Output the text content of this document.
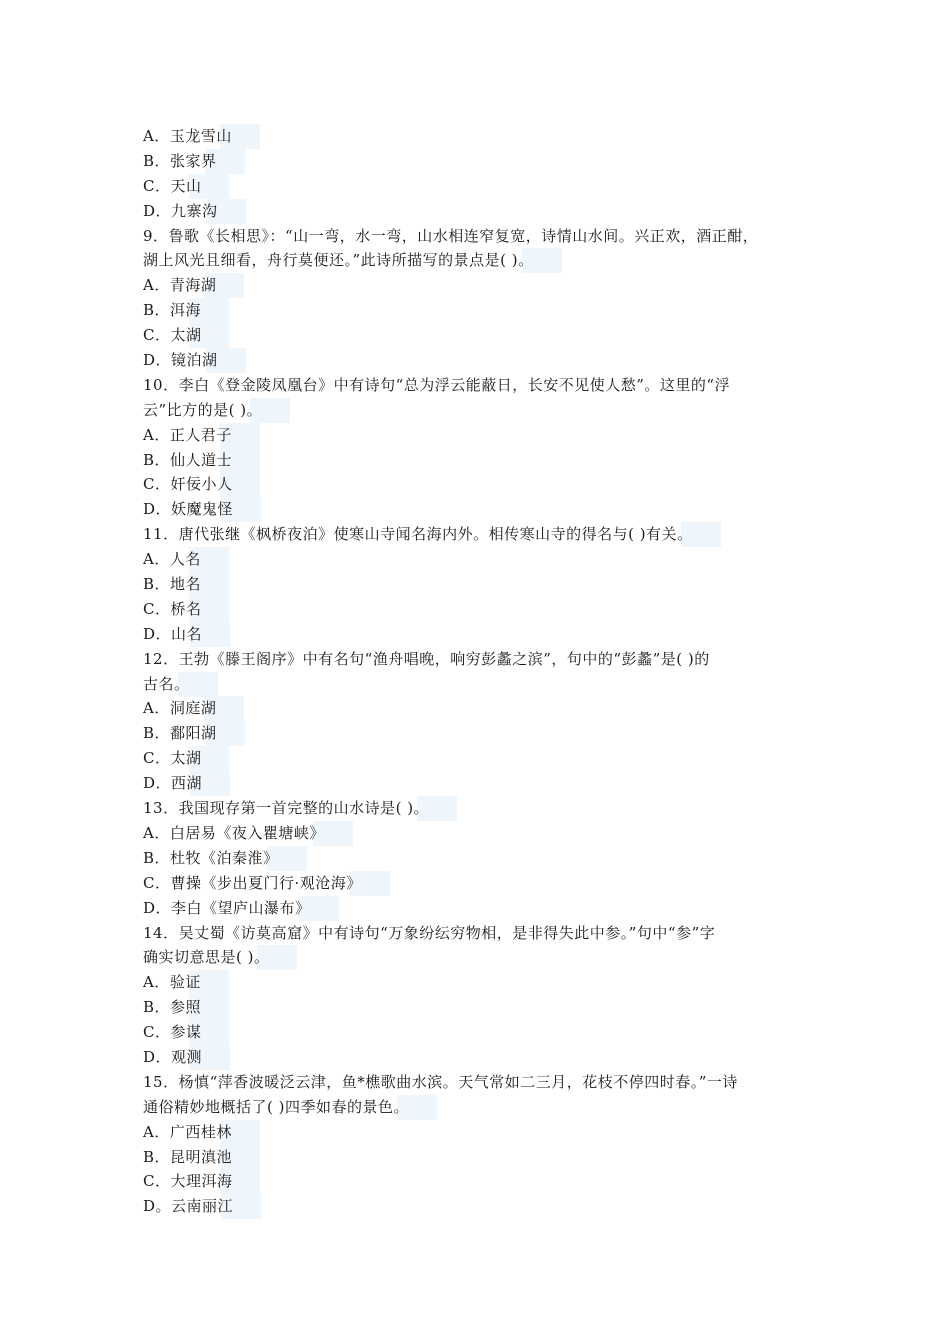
A．玉龙雪山
B．张家界
C．天山
D．九寨沟
9．鲁歌《长相思》：“山一弯，水一弯，山水相连窄复宽，诗情山水间。兴正欢，酒正酣，
湖上风光且细看，舟行莫便还。”此诗所描写的景点是( )。
A．青海湖
B．洱海
C．太湖
D．镜泊湖
10．李白《登金陵凤凰台》中有诗句“总为浮云能蔽日，长安不见使人愁”。这里的“浮
云”比方的是( )。
A．正人君子
B．仙人道士
C．奸佞小人
D．妖魔鬼怪
11．唐代张继《枫桥夜泊》使寒山寺闻名海内外。相传寒山寺的得名与( )有关。
A．人名
B．地名
C．桥名
D．山名
12．王勃《滕王阁序》中有名句“渔舟唱晚，响穷彭蠡之滨”，句中的“彭蠡”是( )的
古名。
A．洞庭湖
B．鄱阳湖
C．太湖
D．西湖
13．我国现存第一首完整的山水诗是( )。
A．白居易《夜入瞿塘峡》
B．杜牧《泊秦淮》
C．曹操《步出夏门行·观沧海》
D．李白《望庐山瀑布》
14．吴丈蜀《访莫高窟》中有诗句“万象纷纭穷物相，是非得失此中参。”句中“参”字
确实切意思是( )。
A．验证
B．参照
C．参谋
D．观测
15．杨慎“萍香波暖泛云津，鱼*樵歌曲水滨。天气常如二三月，花枝不停四时春。”一诗
通俗精妙地概括了( )四季如春的景色。
A．广西桂林
B．昆明滇池
C．大理洱海
D。云南丽江
